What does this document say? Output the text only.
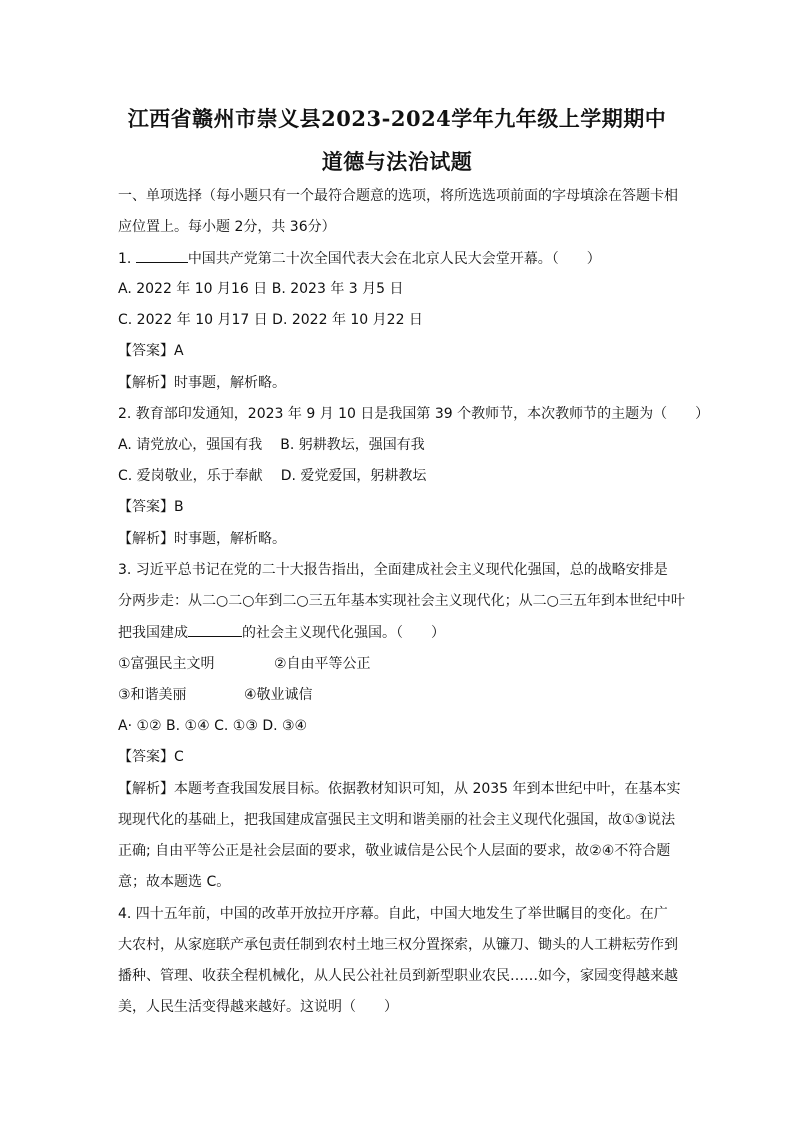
江西省赣州市崇义县2023-2024学年九年级上学期期中
道德与法治试题
一、单项选择（每小题只有一个最符合题意的选项，将所选选项前面的字母填涂在答题卡相
应位置上。每小题 2分，共 36分）
1.	中国共产党第二十次全国代表大会在北京人民大会堂开幕。（　　）
A. 2022 年 10 月16 日 B. 2023 年 3 月5 日
C. 2022 年 10 月17 日 D. 2022 年 10 月22 日
【答案】A
【解析】时事题，解析略。
2. 教育部印发通知，2023 年 9 月 10 日是我国第 39 个教师节，本次教师节的主题为（　　）
A. 请党放心，强国有我 B. 躬耕教坛，强国有我
C. 爱岗敬业，乐于奉献 D. 爱党爱国，躬耕教坛
【答案】B
【解析】时事题，解析略。
3. 习近平总书记在党的二十大报告指出，全面建成社会主义现代化强国，总的战略安排是
分两步走：从二○二○年到二○三五年基本实现社会主义现代化；从二○三五年到本世纪中叶
把我国建成	的社会主义现代化强国。（　　）
①富强民主文明	②自由平等公正
③和谐美丽	④敬业诚信
A· ①② B. ①④ C. ①③ D. ③④
【答案】C
【解析】本题考查我国发展目标。依据教材知识可知，从 2035 年到本世纪中叶，在基本实
现现代化的基础上，把我国建成富强民主文明和谐美丽的社会主义现代化强国，故①③说法
正确; 自由平等公正是社会层面的要求，敬业诚信是公民个人层面的要求，故②④不符合题
意；故本题选 C。
4. 四十五年前，中国的改革开放拉开序幕。自此，中国大地发生了举世瞩目的变化。在广
大农村，从家庭联产承包责任制到农村土地三权分置探索，从镰刀、锄头的人工耕耘劳作到
播种、管理、收获全程机械化，从人民公社社员到新型职业农民……如今，家园变得越来越
美，人民生活变得越来越好。这说明（　　）
